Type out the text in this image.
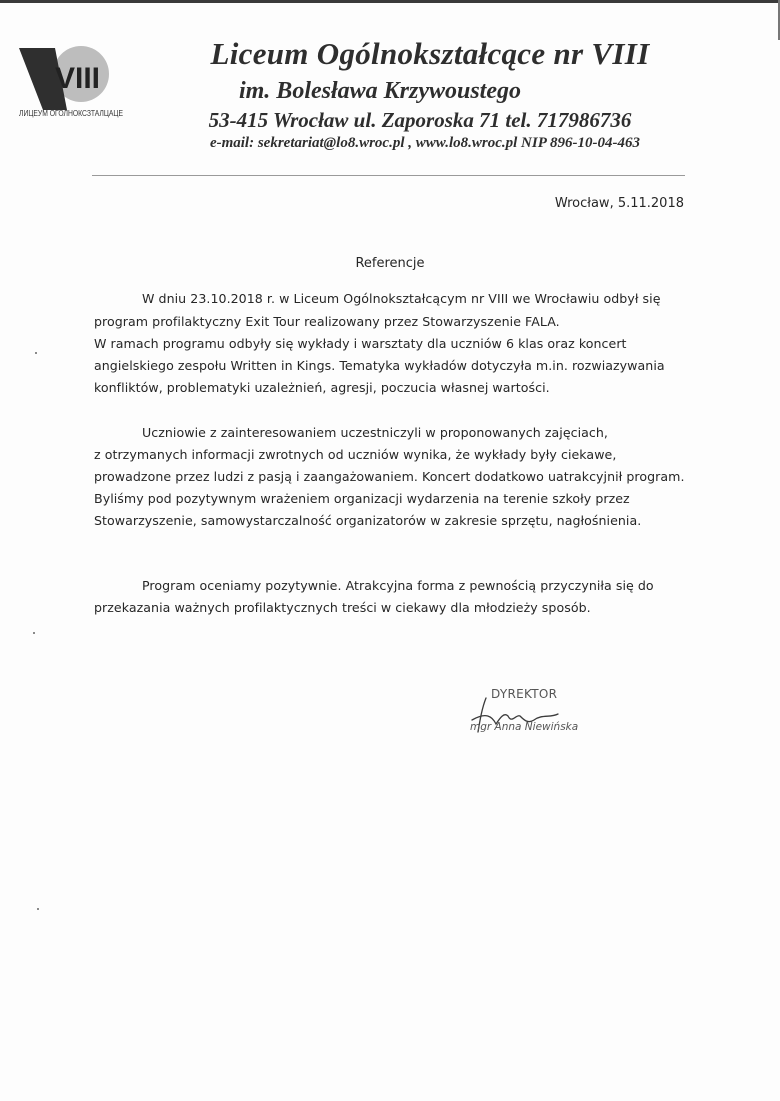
VIII
ЛИЦЕУМ ОГОЛНОКСЗТАЛЦАЦЕ
Liceum Ogólnokształcące nr VIII
im. Bolesława Krzywoustego
53-415 Wrocław ul. Zaporoska 71 tel. 717986736
e-mail: sekretariat@lo8.wroc.pl , www.lo8.wroc.pl NIP 896-10-04-463
Wrocław, 5.11.2018
Referencje
W dniu 23.10.2018 r. w Liceum Ogólnokształcącym nr VIII we Wrocławiu odbył się
program profilaktyczny Exit Tour realizowany przez Stowarzyszenie FALA.
W ramach programu odbyły się wykłady i warsztaty dla uczniów 6 klas oraz koncert
angielskiego zespołu Written in Kings. Tematyka wykładów dotyczyła m.in. rozwiazywania
konfliktów, problematyki uzależnień, agresji, poczucia własnej wartości.
Uczniowie z zainteresowaniem uczestniczyli w proponowanych zajęciach,
z otrzymanych informacji zwrotnych od uczniów wynika, że wykłady były ciekawe,
prowadzone przez ludzi z pasją i zaangażowaniem. Koncert dodatkowo uatrakcyjnił program.
Byliśmy pod pozytywnym wrażeniem organizacji wydarzenia na terenie szkoły przez
Stowarzyszenie, samowystarczalność organizatorów w zakresie sprzętu, nagłośnienia.
Program oceniamy pozytywnie. Atrakcyjna forma z pewnością przyczyniła się do
przekazania ważnych profilaktycznych treści w ciekawy dla młodzieży sposób.
DYREKTOR
mgr Anna Niewińska
